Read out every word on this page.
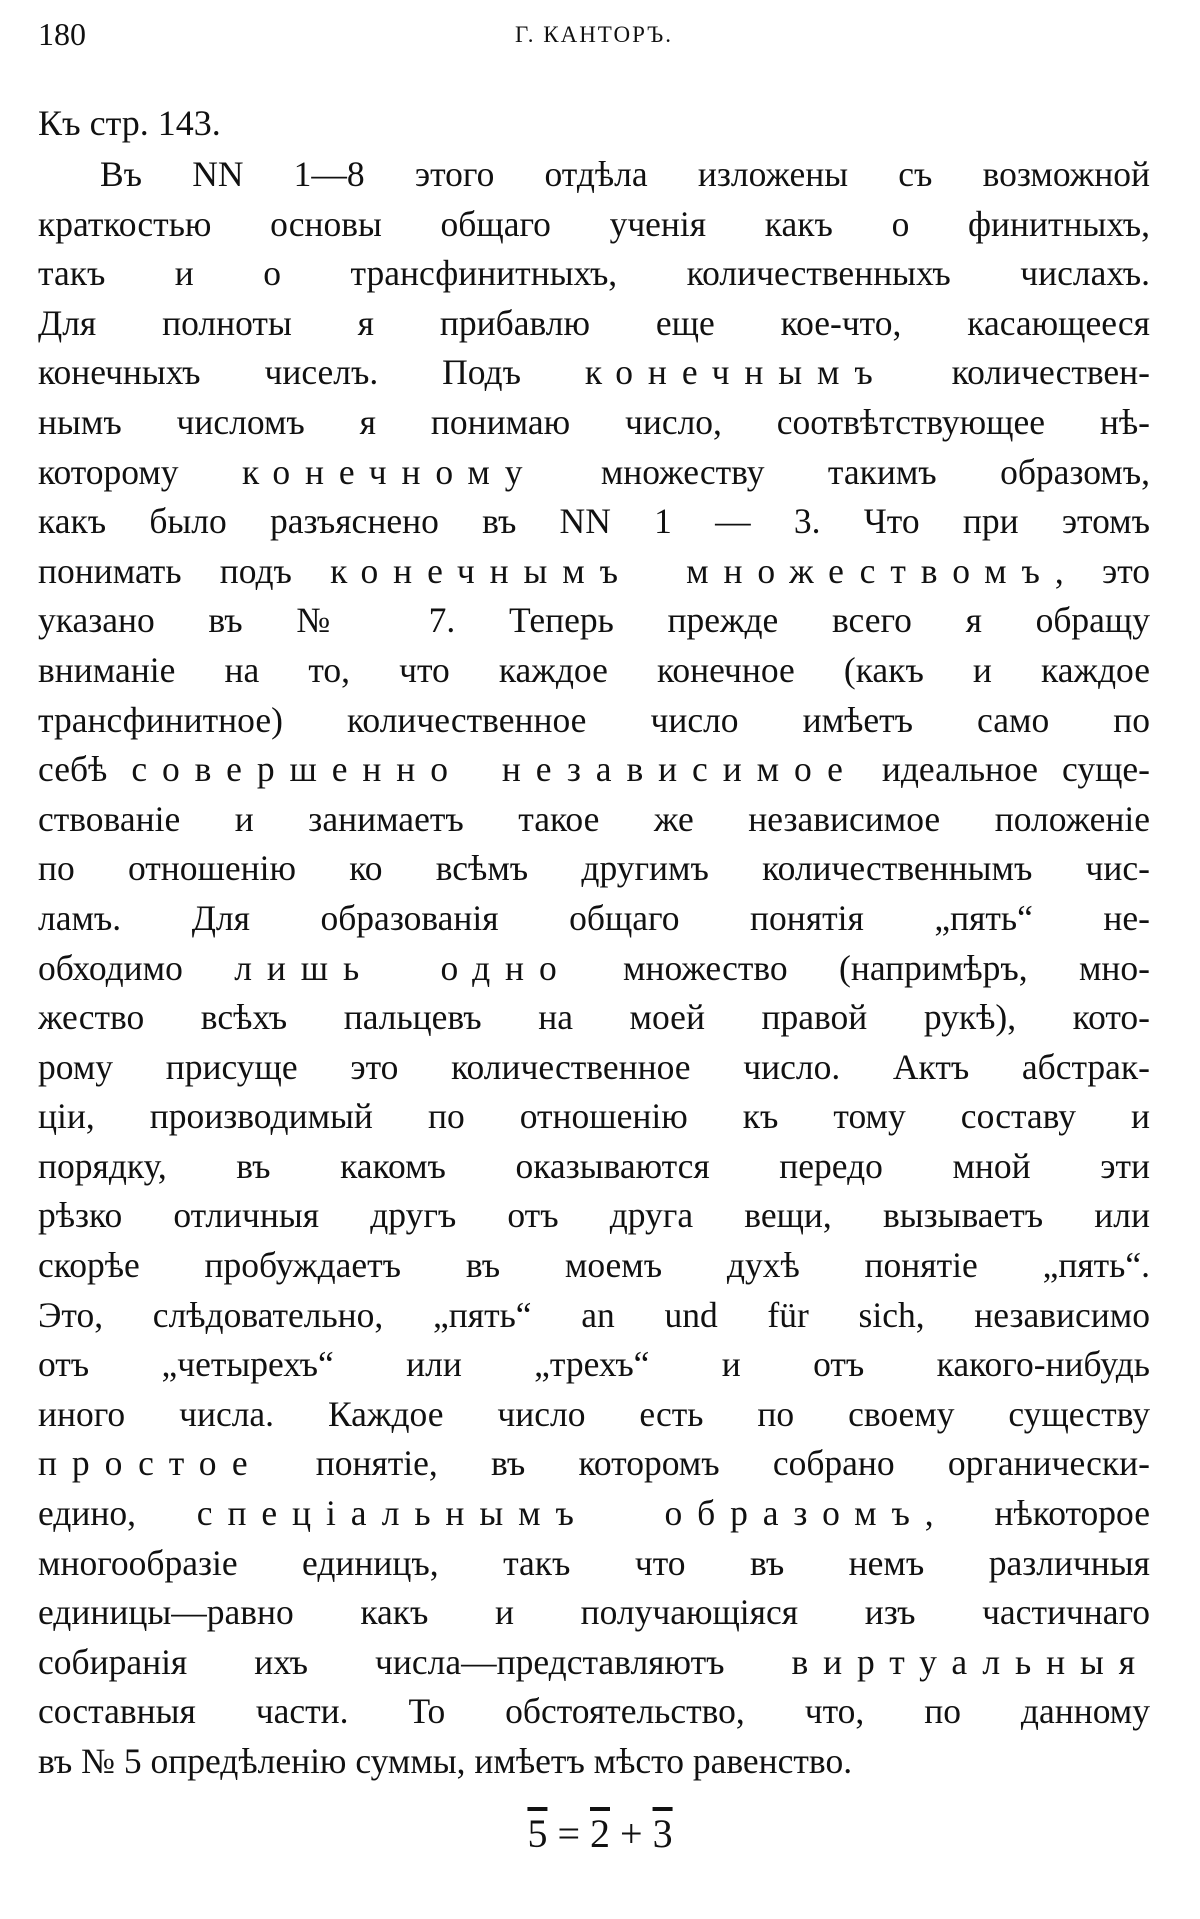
180	Г. КАНТОРЪ.
Къ стр. 143.
Въ NN 1—8 этого отдѣла изложены съ возможной
краткостью основы общаго ученія какъ о финитныхъ,
такъ и о трансфинитныхъ, количественныхъ числахъ.
Для полноты я прибавлю еще кое-что, касающееся
конечныхъ чиселъ. Подъ конечнымъ количествен-
нымъ числомъ я понимаю число, соотвѣтствующее нѣ-
которому конечному множеству такимъ образомъ,
какъ было разъяснено въ NN 1 — 3. Что при этомъ
понимать подъ конечнымъ множествомъ, это
указано въ № 7. Теперь прежде всего я обращу
вниманіе на то, что каждое конечное (какъ и каждое
трансфинитное) количественное число имѣетъ само по
себѣ совершенно независимое идеальное суще-
ствованіе и занимаетъ такое же независимое положеніе
по отношенію ко всѣмъ другимъ количественнымъ чис-
ламъ. Для образованія общаго понятія „пять“ не-
обходимо лишь одно множество (напримѣръ, мно-
жество всѣхъ пальцевъ на моей правой рукѣ), кото-
рому присуще это количественное число. Актъ абстрак-
ціи, производимый по отношенію къ тому составу и
порядку, въ какомъ оказываются передо мной эти
рѣзко отличныя другъ отъ друга вещи, вызываетъ или
скорѣе пробуждаетъ въ моемъ духѣ понятіе „пять“.
Это, слѣдовательно, „пять“ an und für sich, независимо
отъ „четырехъ“ или „трехъ“ и отъ какого-нибудь
иного числа. Каждое число есть по своему существу
простое понятіе, въ которомъ собрано органически-
едино, спеціальнымъ образомъ, нѣкоторое
многообразіе единицъ, такъ что въ немъ различныя
единицы—равно какъ и получающіяся изъ частичнаго
собиранія ихъ числа—представляютъ виртуальныя
составныя части. То обстоятельство, что, по данному
въ № 5 опредѣленію суммы, имѣетъ мѣсто равенство.
5 = 2 + 3
